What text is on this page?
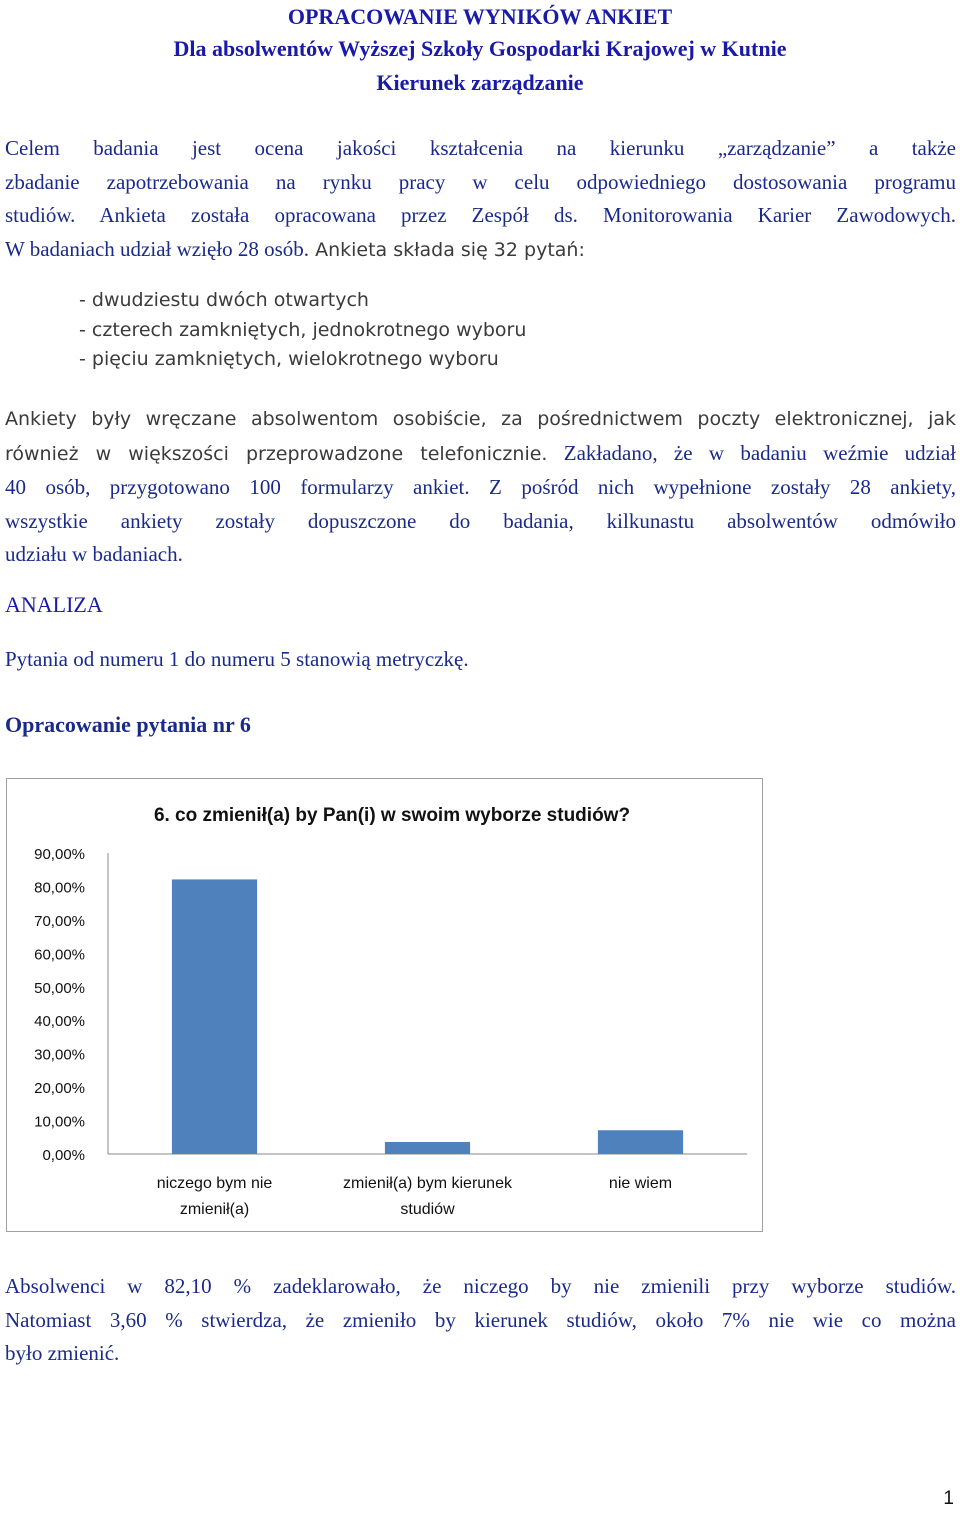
OPRACOWANIE WYNIKÓW ANKIET
Dla absolwentów Wyższej Szkoły Gospodarki Krajowej w Kutnie
Kierunek zarządzanie
Celem badania jest ocena jakości kształcenia na kierunku „zarządzanie” a także
zbadanie zapotrzebowania na rynku pracy w celu odpowiedniego dostosowania programu
studiów. Ankieta została opracowana przez Zespół ds. Monitorowania Karier Zawodowych.
W badaniach udział wzięło 28 osób. Ankieta składa się 32 pytań:
- dwudziestu dwóch otwartych
- czterech zamkniętych, jednokrotnego wyboru
- pięciu zamkniętych, wielokrotnego wyboru
Ankiety były wręczane absolwentom osobiście, za pośrednictwem poczty elektronicznej, jak
również w większości przeprowadzone telefonicznie. Zakładano, że w badaniu weźmie udział
40 osób, przygotowano 100 formularzy ankiet. Z pośród nich wypełnione zostały 28 ankiety,
wszystkie ankiety zostały dopuszczone do badania, kilkunastu absolwentów odmówiło
udziału w badaniach.
ANALIZA
Pytania od numeru 1 do numeru 5 stanowią metryczkę.
Opracowanie pytania nr 6
6. co zmienił(a) by Pan(i) w swoim wyborze studiów?
0,00%
10,00%
20,00%
30,00%
40,00%
50,00%
60,00%
70,00%
80,00%
90,00%
niczego bym nie
zmienił(a)
zmienił(a) bym kierunek
studiów
nie wiem
Absolwenci w 82,10 % zadeklarowało, że niczego by nie zmienili przy wyborze studiów.
Natomiast 3,60 % stwierdza, że zmieniło by kierunek studiów, około 7% nie wie co można
było zmienić.
1
